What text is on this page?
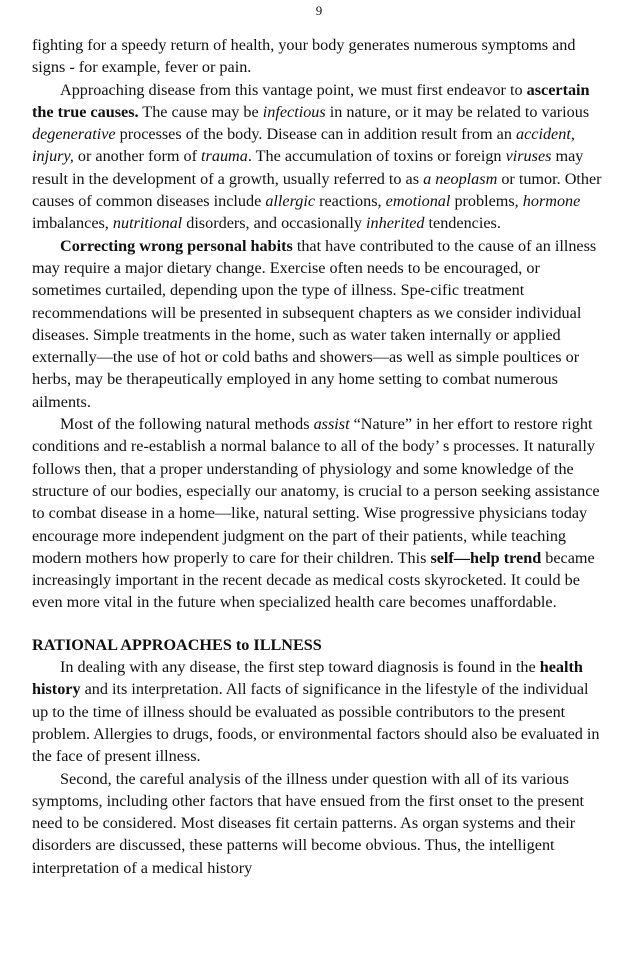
9

fighting for a speedy return of health, your body generates numerous symptoms and signs - for example, fever or pain.

Approaching disease from this vantage point, we must first endeavor to ascertain the true causes. The cause may be infectious in nature, or it may be related to various degenerative processes of the body. Disease can in addition result from an accident, injury, or another form of trauma. The accumulation of toxins or foreign viruses may result in the development of a growth, usually referred to as a neoplasm or tumor. Other causes of common diseases include allergic reactions, emotional problems, hormone imbalances, nutritional disorders, and occasionally inherited tendencies.

Correcting wrong personal habits that have contributed to the cause of an illness may require a major dietary change. Exercise often needs to be encouraged, or sometimes curtailed, depending upon the type of illness. Spe-cific treatment recommendations will be presented in subsequent chapters as we consider individual diseases. Simple treatments in the home, such as water taken internally or applied externally—the use of hot or cold baths and showers—as well as simple poultices or herbs, may be therapeutically employed in any home setting to combat numerous ailments.

Most of the following natural methods assist “Nature” in her effort to restore right conditions and re-establish a normal balance to all of the body’ s processes. It naturally follows then, that a proper understanding of physiology and some knowledge of the structure of our bodies, especially our anatomy, is crucial to a person seeking assistance to combat disease in a home—like, natural setting. Wise progressive physicians today encourage more independent judgment on the part of their patients, while teaching modern mothers how properly to care for their children. This self—help trend became increasingly important in the recent decade as medical costs skyrocketed. It could be even more vital in the future when specialized health care becomes unaffordable.

RATIONAL APPROACHES to ILLNESS

In dealing with any disease, the first step toward diagnosis is found in the health history and its interpretation. All facts of significance in the lifestyle of the individual up to the time of illness should be evaluated as possible contributors to the present problem. Allergies to drugs, foods, or environmental factors should also be evaluated in the face of present illness.

Second, the careful analysis of the illness under question with all of its various symptoms, including other factors that have ensued from the first onset to the present need to be considered. Most diseases fit certain patterns. As organ systems and their disorders are discussed, these patterns will become obvious. Thus, the intelligent interpretation of a medical history
